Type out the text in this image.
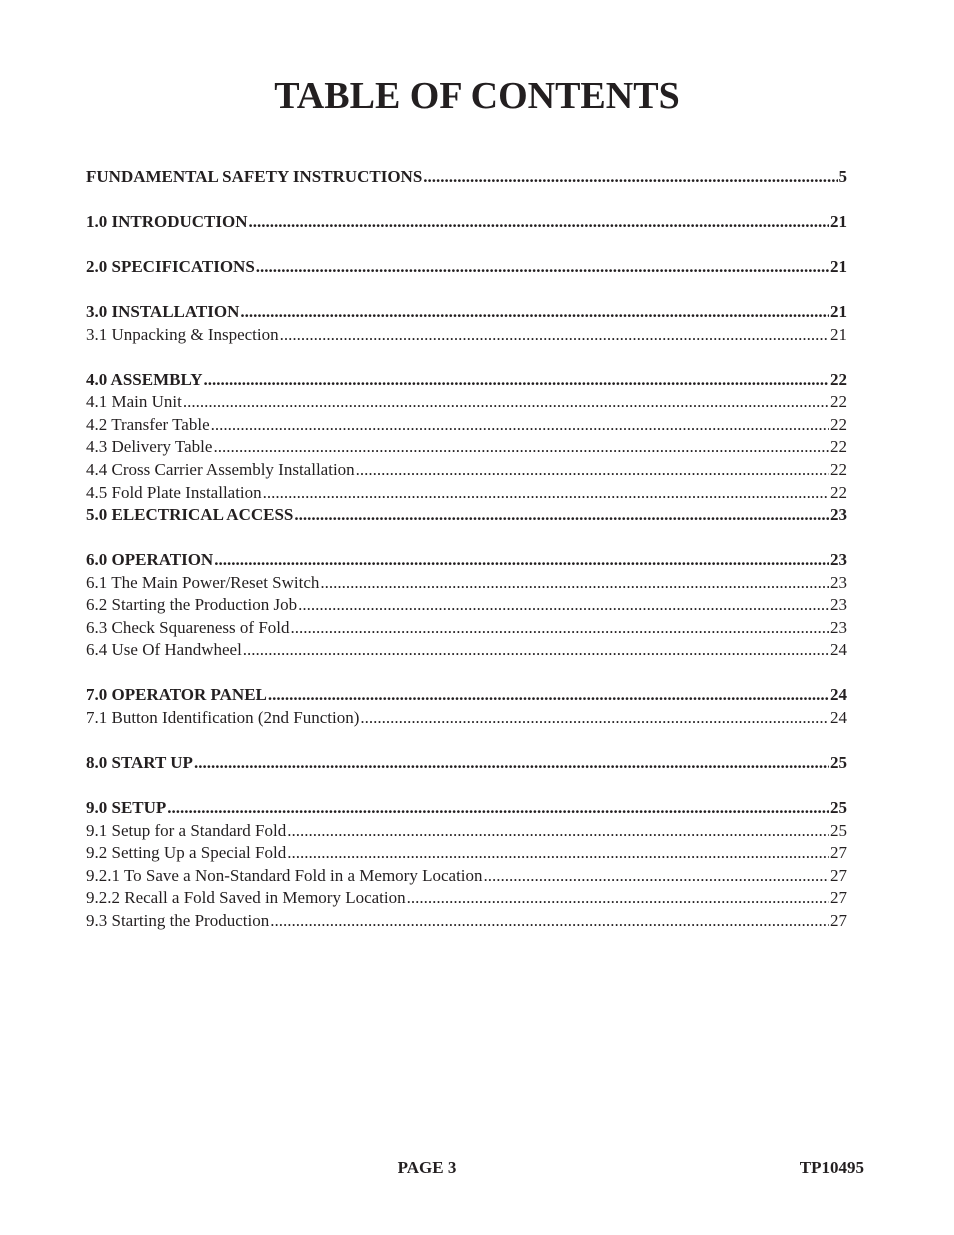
TABLE OF CONTENTS
FUNDAMENTAL SAFETY INSTRUCTIONS .....	5
1.0 INTRODUCTION .....	21
2.0 SPECIFICATIONS .....	21
3.0 INSTALLATION .....	21
3.1 Unpacking & Inspection .....	21
4.0 ASSEMBLY .....	22
4.1 Main Unit .....	22
4.2 Transfer Table .....	22
4.3 Delivery Table .....	22
4.4 Cross Carrier Assembly Installation .....	22
4.5 Fold Plate Installation .....	22
5.0 ELECTRICAL ACCESS .....	23
6.0 OPERATION .....	23
6.1 The Main Power/Reset Switch .....	23
6.2 Starting the Production Job .....	23
6.3 Check Squareness of Fold .....	23
6.4 Use Of Handwheel .....	24
7.0 OPERATOR PANEL .....	24
7.1 Button Identification (2nd Function) .....	24
8.0 START UP .....	25
9.0 SETUP .....	25
9.1 Setup for a Standard Fold .....	25
9.2 Setting Up a Special Fold .....	27
9.2.1 To Save a Non-Standard Fold in a Memory Location .....	27
9.2.2 Recall a Fold Saved in Memory Location .....	27
9.3 Starting the Production .....	27
PAGE 3	TP10495
